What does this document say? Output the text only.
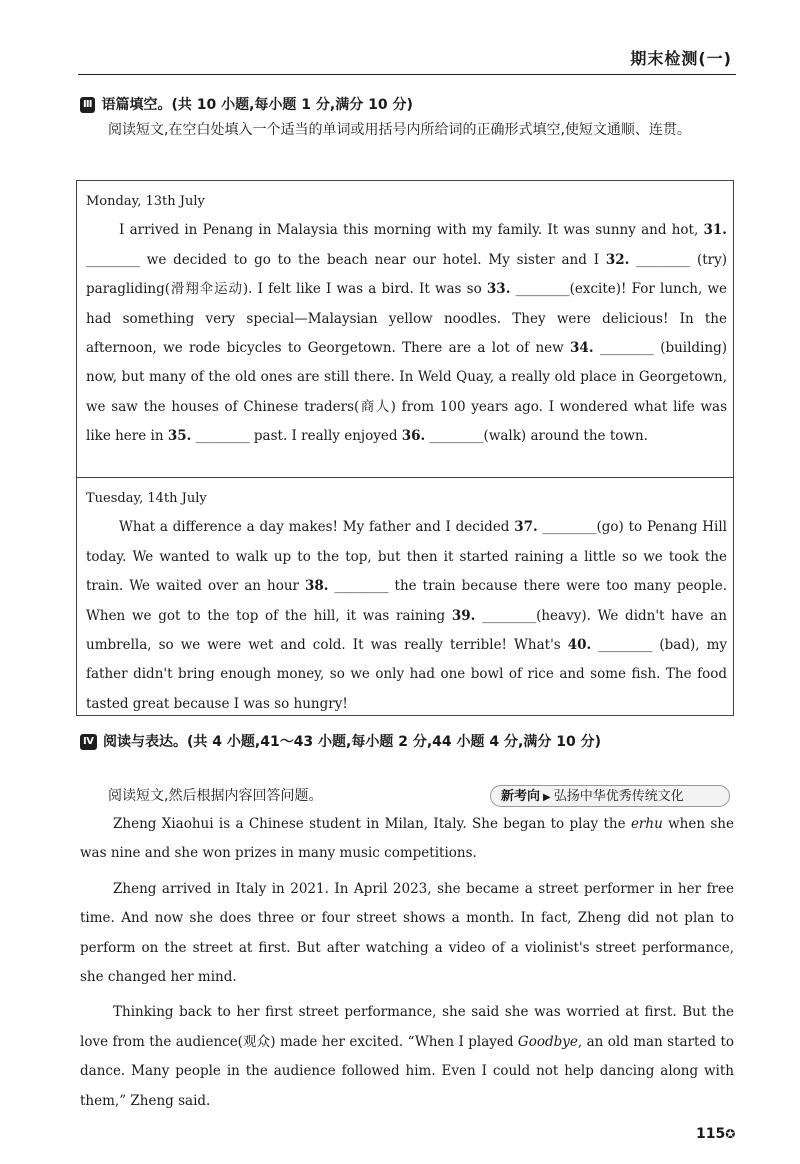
期末检测(一)
Ⅲ 语篇填空。(共 10 小题,每小题 1 分,满分 10 分)
阅读短文,在空白处填入一个适当的单词或用括号内所给词的正确形式填空,使短文通顺、连贯。
Monday, 13th July

I arrived in Penang in Malaysia this morning with my family. It was sunny and hot, 31. ________ we decided to go to the beach near our hotel. My sister and I 32. ________ (try) paragliding(滑翔伞运动). I felt like I was a bird. It was so 33. ________(excite)! For lunch, we had something very special—Malaysian yellow noodles. They were delicious! In the afternoon, we rode bicycles to Georgetown. There are a lot of new 34. ________ (building) now, but many of the old ones are still there. In Weld Quay, a really old place in Georgetown, we saw the houses of Chinese traders(商人) from 100 years ago. I wondered what life was like here in 35. ________ past. I really enjoyed 36. ________(walk) around the town.

Tuesday, 14th July

What a difference a day makes! My father and I decided 37. ________(go) to Penang Hill today. We wanted to walk up to the top, but then it started raining a little so we took the train. We waited over an hour 38. ________ the train because there were too many people. When we got to the top of the hill, it was raining 39. ________(heavy). We didn't have an umbrella, so we were wet and cold. It was really terrible! What's 40. ________ (bad), my father didn't bring enough money, so we only had one bowl of rice and some fish. The food tasted great because I was so hungry!

Ⅳ 阅读与表达。(共 4 小题,41～43 小题,每小题 2 分,44 小题 4 分,满分 10 分)
阅读短文,然后根据内容回答问题。	新考向 ▶ 弘扬中华优秀传统文化

Zheng Xiaohui is a Chinese student in Milan, Italy. She began to play the erhu when she was nine and she won prizes in many music competitions.

Zheng arrived in Italy in 2021. In April 2023, she became a street performer in her free time. And now she does three or four street shows a month. In fact, Zheng did not plan to perform on the street at first. But after watching a video of a violinist's street performance, she changed her mind.

Thinking back to her first street performance, she said she was worried at first. But the love from the audience(观众) made her excited. “When I played Goodbye, an old man started to dance. Many people in the audience followed him. Even I could not help dancing along with them,” Zheng said.

115✪
